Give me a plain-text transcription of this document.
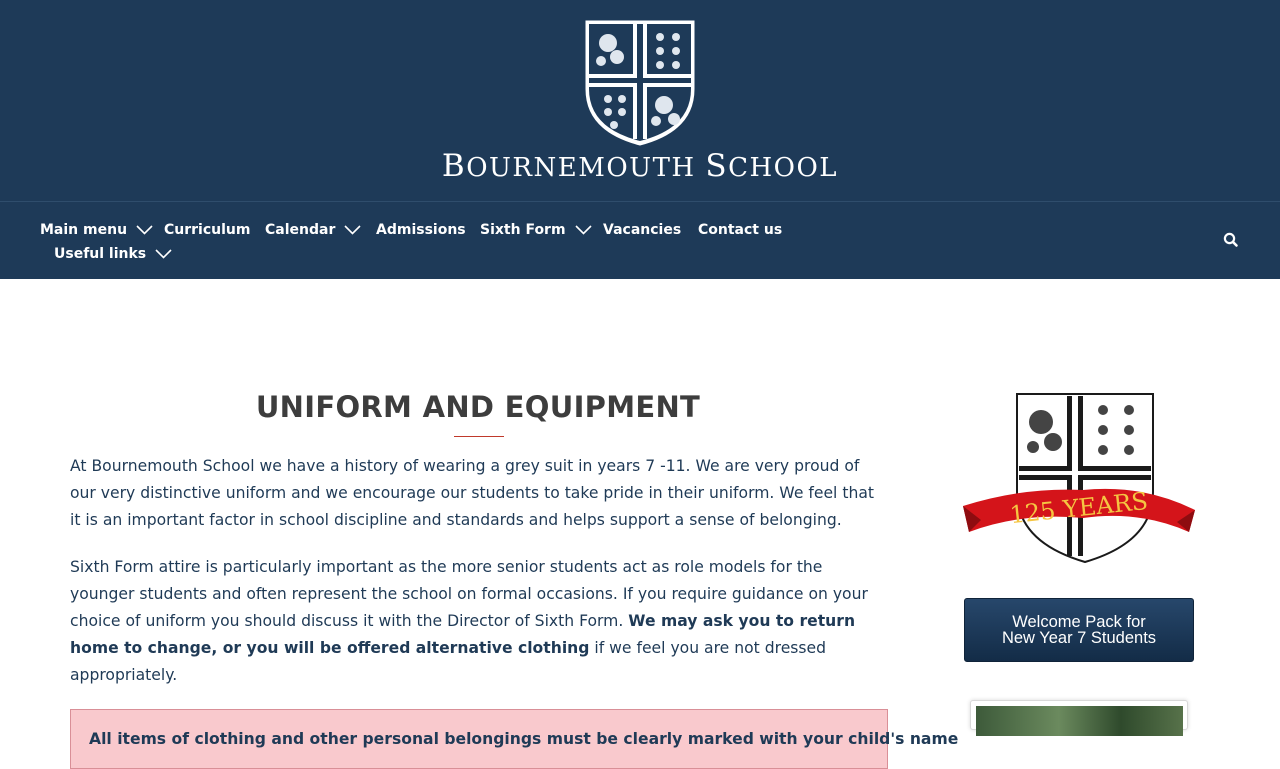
BOURNEMOUTH SCHOOL
Main menu	Curriculum Calendar	Admissions Sixth Form	Vacancies Contact us
Useful links
UNIFORM AND EQUIPMENT

At Bournemouth School we have a history of wearing a grey suit in years 7 -11. We are very proud of our very distinctive uniform and we encourage our students to take pride in their uniform. We feel that it is an important factor in school discipline and standards and helps support a sense of belonging.

Sixth Form attire is particularly important as the more senior students act as role models for the younger students and often represent the school on formal occasions. If you require guidance on your choice of uniform you should discuss it with the Director of Sixth Form. We may ask you to return home to change, or you will be offered alternative clothing if we feel you are not dressed appropriately.

All items of clothing and other personal belongings must be clearly marked with your child's name
125 YEARS
Welcome Pack for
New Year 7 Students
